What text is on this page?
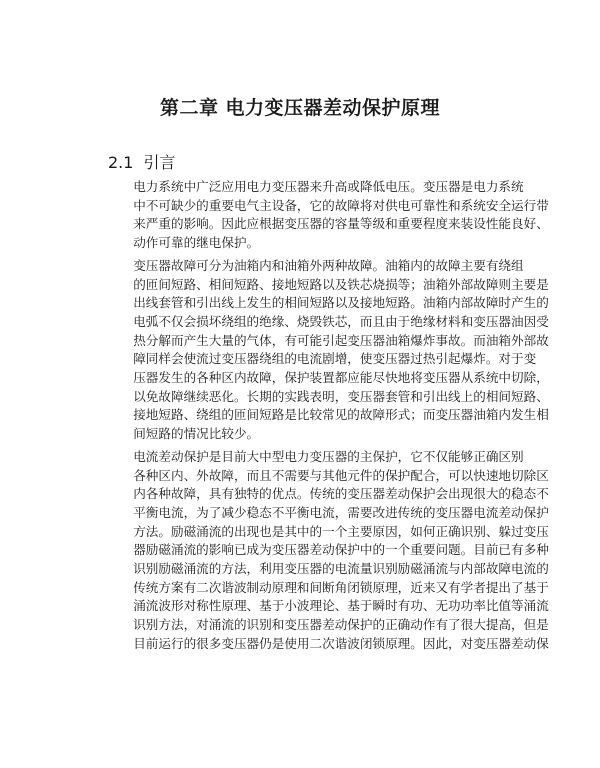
第二章 电力变压器差动保护原理
2.1 引言

电力系统中广泛应用电力变压器来升高或降低电压。变压器是电力系统
中不可缺少的重要电气主设备，它的故障将对供电可靠性和系统安全运行带
来严重的影响。因此应根据变压器的容量等级和重要程度来装设性能良好、
动作可靠的继电保护。

变压器故障可分为油箱内和油箱外两种故障。油箱内的故障主要有绕组
的匝间短路、相间短路、接地短路以及铁芯烧损等；油箱外部故障则主要是
出线套管和引出线上发生的相间短路以及接地短路。油箱内部故障时产生的
电弧不仅会损坏绕组的绝缘、烧毁铁芯，而且由于绝缘材料和变压器油因受
热分解而产生大量的气体，有可能引起变压器油箱爆炸事故。而油箱外部故
障同样会使流过变压器绕组的电流剧增，使变压器过热引起爆炸。对于变
压器发生的各种区内故障，保护装置都应能尽快地将变压器从系统中切除，
以免故障继续恶化。长期的实践表明，变压器套管和引出线上的相间短路、
接地短路、绕组的匝间短路是比较常见的故障形式；而变压器油箱内发生相
间短路的情况比较少。

电流差动保护是目前大中型电力变压器的主保护，它不仅能够正确区别
各种区内、外故障，而且不需要与其他元件的保护配合，可以快速地切除区
内各种故障，具有独特的优点。传统的变压器差动保护会出现很大的稳态不
平衡电流，为了减少稳态不平衡电流，需要改进传统的变压器电流差动保护
方法。励磁涌流的出现也是其中的一个主要原因，如何正确识别、躲过变压
器励磁涌流的影响已成为变压器差动保护中的一个重要问题。目前已有多种
识别励磁涌流的方法，利用变压器的电流量识别励磁涌流与内部故障电流的
传统方案有二次谐波制动原理和间断角闭锁原理，近来又有学者提出了基于
涌流波形对称性原理、基于小波理论、基于瞬时有功、无功功率比值等涌流
识别方法，对涌流的识别和变压器差动保护的正确动作有了很大提高，但是
目前运行的很多变压器仍是使用二次谐波闭锁原理。因此，对变压器差动保
